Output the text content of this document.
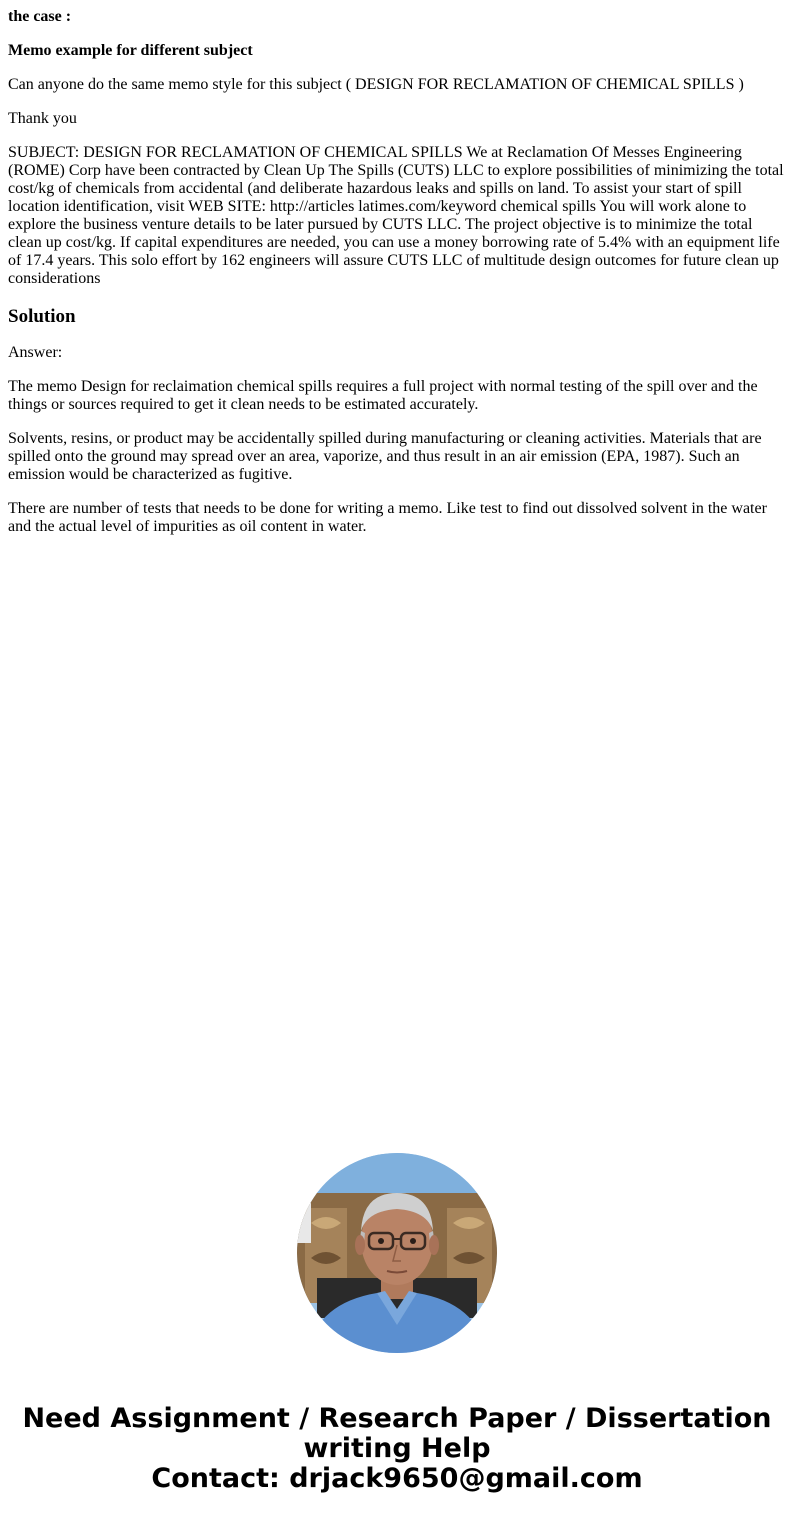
the case :

Memo example for different subject

Can anyone do the same memo style for this subject ( DESIGN FOR RECLAMATION OF CHEMICAL SPILLS )

Thank you

SUBJECT: DESIGN FOR RECLAMATION OF CHEMICAL SPILLS We at Reclamation Of Messes Engineering (ROME) Corp have been contracted by Clean Up The Spills (CUTS) LLC to explore possibilities of minimizing the total cost/kg of chemicals from accidental (and deliberate hazardous leaks and spills on land. To assist your start of spill location identification, visit WEB SITE: http://articles latimes.com/keyword chemical spills You will work alone to explore the business venture details to be later pursued by CUTS LLC. The project objective is to minimize the total clean up cost/kg. If capital expenditures are needed, you can use a money borrowing rate of 5.4% with an equipment life of 17.4 years. This solo effort by 162 engineers will assure CUTS LLC of multitude design outcomes for future clean up considerations

Solution

Answer:

The memo Design for reclaimation chemical spills requires a full project with normal testing of the spill over and the things or sources required to get it clean needs to be estimated accurately.

Solvents, resins, or product may be accidentally spilled during manufacturing or cleaning activities. Materials that are spilled onto the ground may spread over an area, vaporize, and thus result in an air emission (EPA, 1987). Such an emission would be characterized as fugitive.

There are number of tests that needs to be done for writing a memo. Like test to find out dissolved solvent in the water and the actual level of impurities as oil content in water.

Need Assignment / Research Paper / Dissertation
writing Help
Contact: drjack9650@gmail.com
